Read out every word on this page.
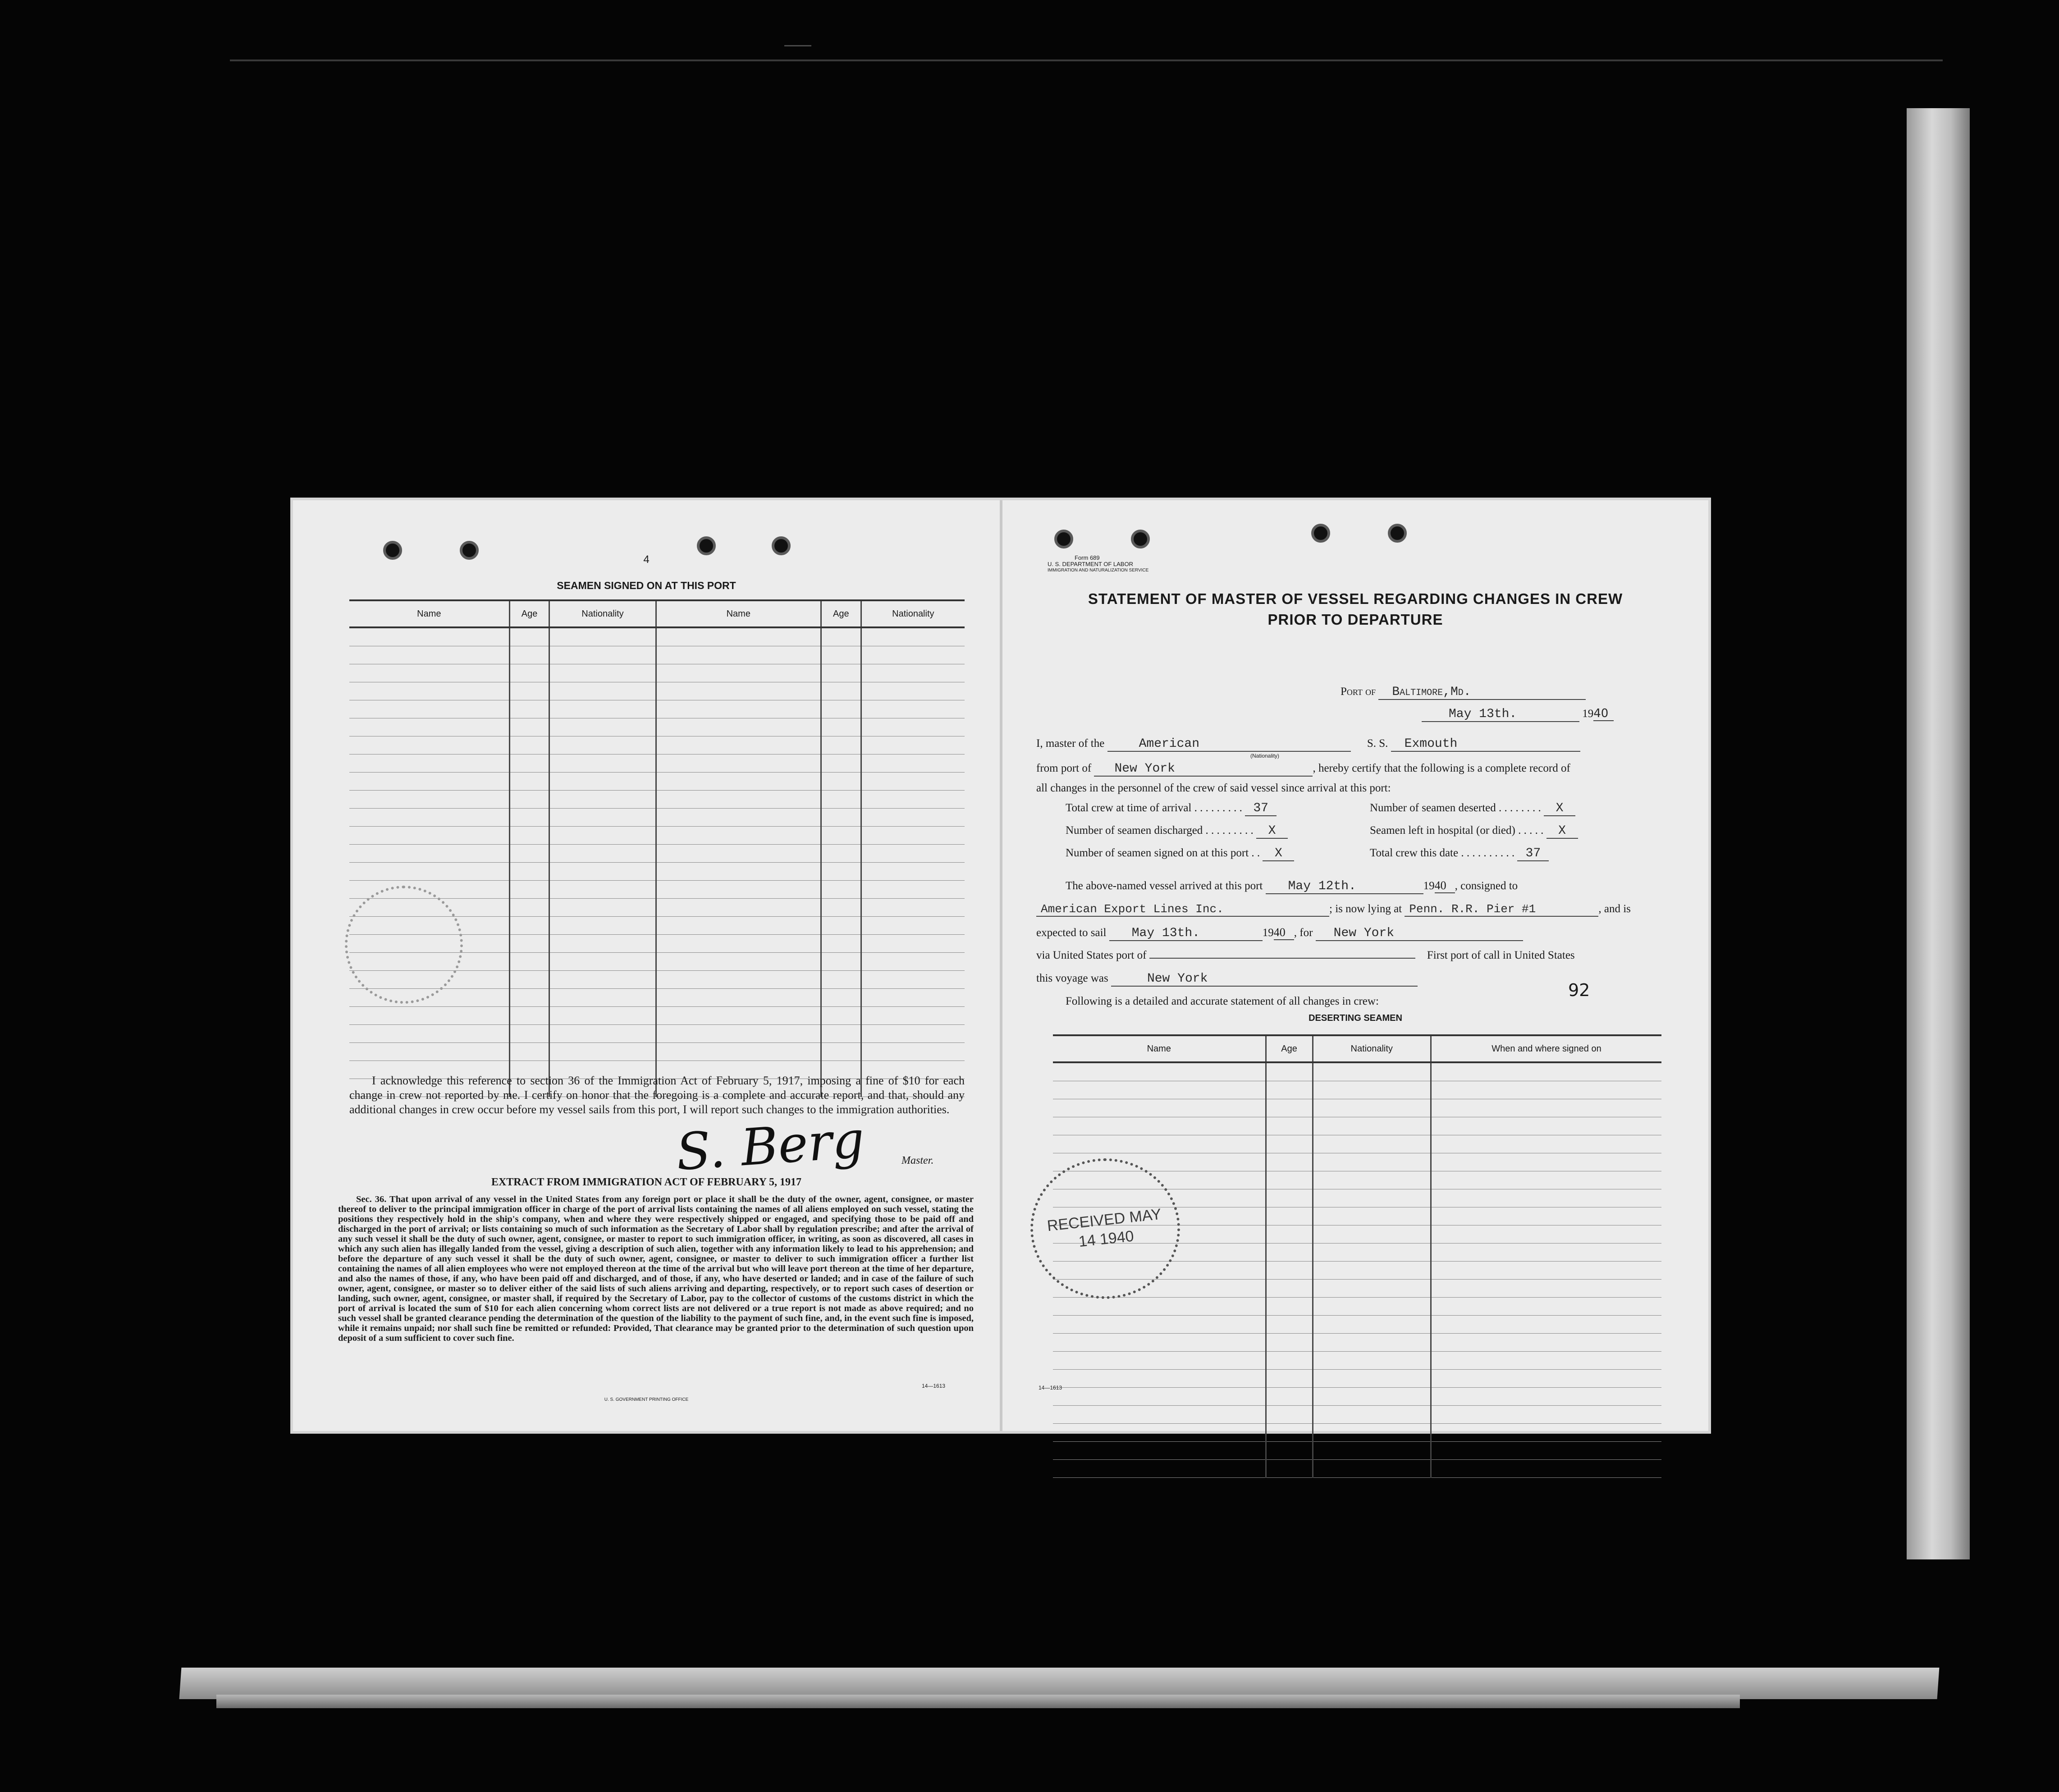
4
SEAMEN SIGNED ON AT THIS PORT
Name	Age	Nationality	Name	Age	Nationality

I acknowledge this reference to section 36 of the Immigration Act of February 5, 1917, imposing a fine of $10 for each change in crew not reported by me. I certify on honor that the foregoing is a complete and accurate report, and that, should any additional changes in crew occur before my vessel sails from this port, I will report such changes to the immigration authorities.
S. Berg	Master.
EXTRACT FROM IMMIGRATION ACT OF FEBRUARY 5, 1917
Sec. 36. That upon arrival of any vessel in the United States from any foreign port or place it shall be the duty of the owner, agent, consignee, or master thereof to deliver to the principal immigration officer in charge of the port of arrival lists containing the names of all aliens employed on such vessel, stating the positions they respectively hold in the ship's company, when and where they were respectively shipped or engaged, and specifying those to be paid off and discharged in the port of arrival; or lists containing so much of such information as the Secretary of Labor shall by regulation prescribe; and after the arrival of any such vessel it shall be the duty of such owner, agent, consignee, or master to report to such immigration officer, in writing, as soon as discovered, all cases in which any such alien has illegally landed from the vessel, giving a description of such alien, together with any information likely to lead to his apprehension; and before the departure of any such vessel it shall be the duty of such owner, agent, consignee, or master to deliver to such immigration officer a further list containing the names of all alien employees who were not employed thereon at the time of the arrival but who will leave port thereon at the time of her departure, and also the names of those, if any, who have been paid off and discharged, and of those, if any, who have deserted or landed; and in case of the failure of such owner, agent, consignee, or master so to deliver either of the said lists of such aliens arriving and departing, respectively, or to report such cases of desertion or landing, such owner, agent, consignee, or master shall, if required by the Secretary of Labor, pay to the collector of customs of the customs district in which the port of arrival is located the sum of $10 for each alien concerning whom correct lists are not delivered or a true report is not made as above required; and no such vessel shall be granted clearance pending the determination of the question of the liability to the payment of such fine, and, in the event such fine is imposed, while it remains unpaid; nor shall such fine be remitted or refunded: Provided, That clearance may be granted prior to the determination of such question upon deposit of a sum sufficient to cover such fine.
U. S. GOVERNMENT PRINTING OFFICE
14—1613
Form 689
U. S. DEPARTMENT OF LABOR
IMMIGRATION AND NATURALIZATION SERVICE
STATEMENT OF MASTER OF VESSEL REGARDING CHANGES IN CREW
PRIOR TO DEPARTURE
Port of Baltimore,Md.
May 13th.	1940
I, master of the	American	S. S. Exmouth
(Nationality)
from port of New York	, hereby certify that the following is a complete record of
all changes in the personnel of the crew of said vessel since arrival at this port:
Total crew at time of arrival . . . . . . . . . 37	Number of seamen deserted . . . . . . . . X
Number of seamen discharged . . . . . . . . . X	Seamen left in hospital (or died) . . . . . X
Number of seamen signed on at this port . . X	Total crew this date . . . . . . . . . . 37
The above-named vessel arrived at this port May 12th.	1940 , consigned to
American Export Lines Inc.	; is now lying at Penn. R.R. Pier #1	, and is
expected to sail May 13th.	1940 , for New York
via United States port of	First port of call in United States
this voyage was	New York
92
Following is a detailed and accurate statement of all changes in crew:
DESERTING SEAMEN
Name	Age	Nationality	When and where signed on

RECEIVED MAY 14 1940
14—1613
